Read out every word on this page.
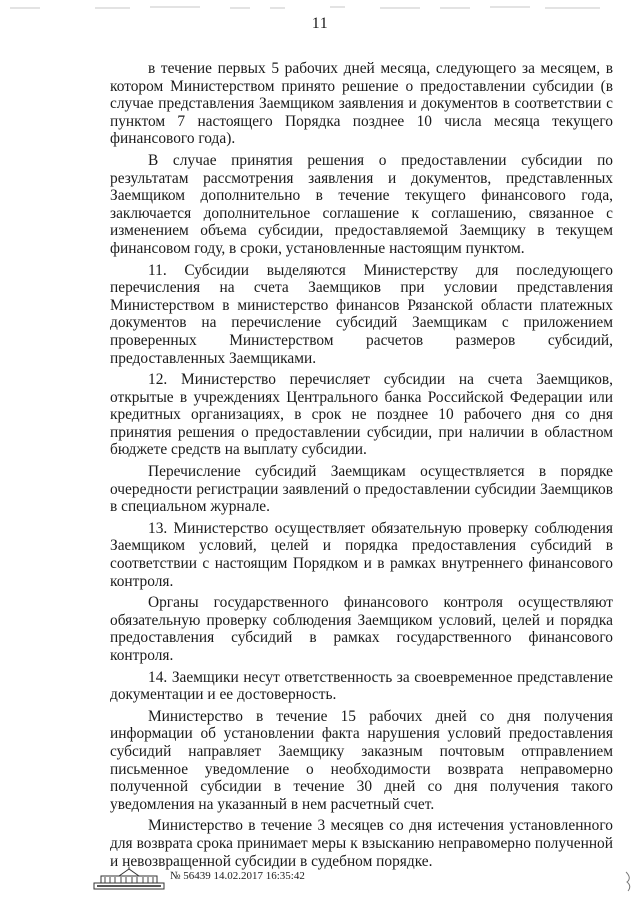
11

в течение первых 5 рабочих дней месяца, следующего за месяцем, в котором Министерством принято решение о предоставлении субсидии (в случае представления Заемщиком заявления и документов в соответствии с пунктом 7 настоящего Порядка позднее 10 числа месяца текущего финансового года).

В случае принятия решения о предоставлении субсидии по результатам рассмотрения заявления и документов, представленных Заемщиком дополнительно в течение текущего финансового года, заключается дополнительное соглашение к соглашению, связанное с изменением объема субсидии, предоставляемой Заемщику в текущем финансовом году, в сроки, установленные настоящим пунктом.

11. Субсидии выделяются Министерству для последующего перечисления на счета Заемщиков при условии представления Министерством в министерство финансов Рязанской области платежных документов на перечисление субсидий Заемщикам с приложением проверенных Министерством расчетов размеров субсидий, предоставленных Заемщиками.

12. Министерство перечисляет субсидии на счета Заемщиков, открытые в учреждениях Центрального банка Российской Федерации или кредитных организациях, в срок не позднее 10 рабочего дня со дня принятия решения о предоставлении субсидии, при наличии в областном бюджете средств на выплату субсидии.

Перечисление субсидий Заемщикам осуществляется в порядке очередности регистрации заявлений о предоставлении субсидии Заемщиков в специальном журнале.

13. Министерство осуществляет обязательную проверку соблюдения Заемщиком условий, целей и порядка предоставления субсидий в соответствии с настоящим Порядком и в рамках внутреннего финансового контроля.

Органы государственного финансового контроля осуществляют обязательную проверку соблюдения Заемщиком условий, целей и порядка предоставления субсидий в рамках государственного финансового контроля.

14. Заемщики несут ответственность за своевременное представление документации и ее достоверность.

Министерство в течение 15 рабочих дней со дня получения информации об установлении факта нарушения условий предоставления субсидий направляет Заемщику заказным почтовым отправлением письменное уведомление о необходимости возврата неправомерно полученной субсидии в течение 30 дней со дня получения такого уведомления на указанный в нем расчетный счет.

Министерство в течение 3 месяцев со дня истечения установленного для возврата срока принимает меры к взысканию неправомерно полученной и невозвращенной субсидии в судебном порядке.

№ 56439 14.02.2017 16:35:42
